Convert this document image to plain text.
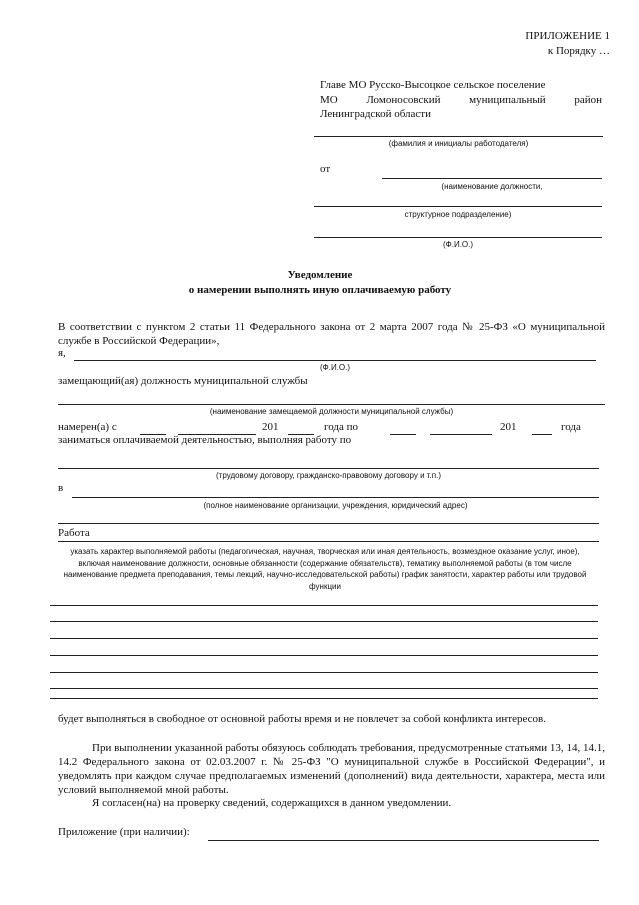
ПРИЛОЖЕНИЕ 1
к Порядку …
Главе МО Русско-Высоцкое сельское поселение
МО Ломоносовский муниципальный район
Ленинградской области
(фамилия и инициалы работодателя)
от
(наименование должности,
структурное подразделение)
(Ф.И.О.)
Уведомление
о намерении выполнять иную оплачиваемую работу
В соответствии с пунктом 2 статьи 11 Федерального закона от 2 марта 2007 года № 25-ФЗ «О муниципальной службе в Российской Федерации»,
я,
(Ф.И.О.)
замещающий(ая) должность муниципальной службы
(наименование замещаемой должности муниципальной службы)
намерен(а) с	201	года по	201	года
заниматься оплачиваемой деятельностью, выполняя работу по
(трудовому договору, гражданско-правовому договору и т.п.)
в
(полное наименование организации, учреждения, юридический адрес)
Работа
указать характер выполняемой работы (педагогическая, научная, творческая или иная деятельность, возмездное оказание услуг, иное), включая наименование должности, основные обязанности (содержание обязательств), тематику выполняемой работы (в том числе наименование предмета преподавания, темы лекций, научно-исследовательской работы) график занятости, характер работы или трудовой функции
будет выполняться в свободное от основной работы время и не повлечет за собой конфликта интересов.
При выполнении указанной работы обязуюсь соблюдать требования, предусмотренные статьями 13, 14, 14.1, 14.2 Федерального закона от 02.03.2007 г. № 25-ФЗ "О муниципальной службе в Российской Федерации", и уведомлять при каждом случае предполагаемых изменений (дополнений) вида деятельности, характера, места или условий выполняемой мной работы.
Я согласен(на) на проверку сведений, содержащихся в данном уведомлении.
Приложение (при наличии):
